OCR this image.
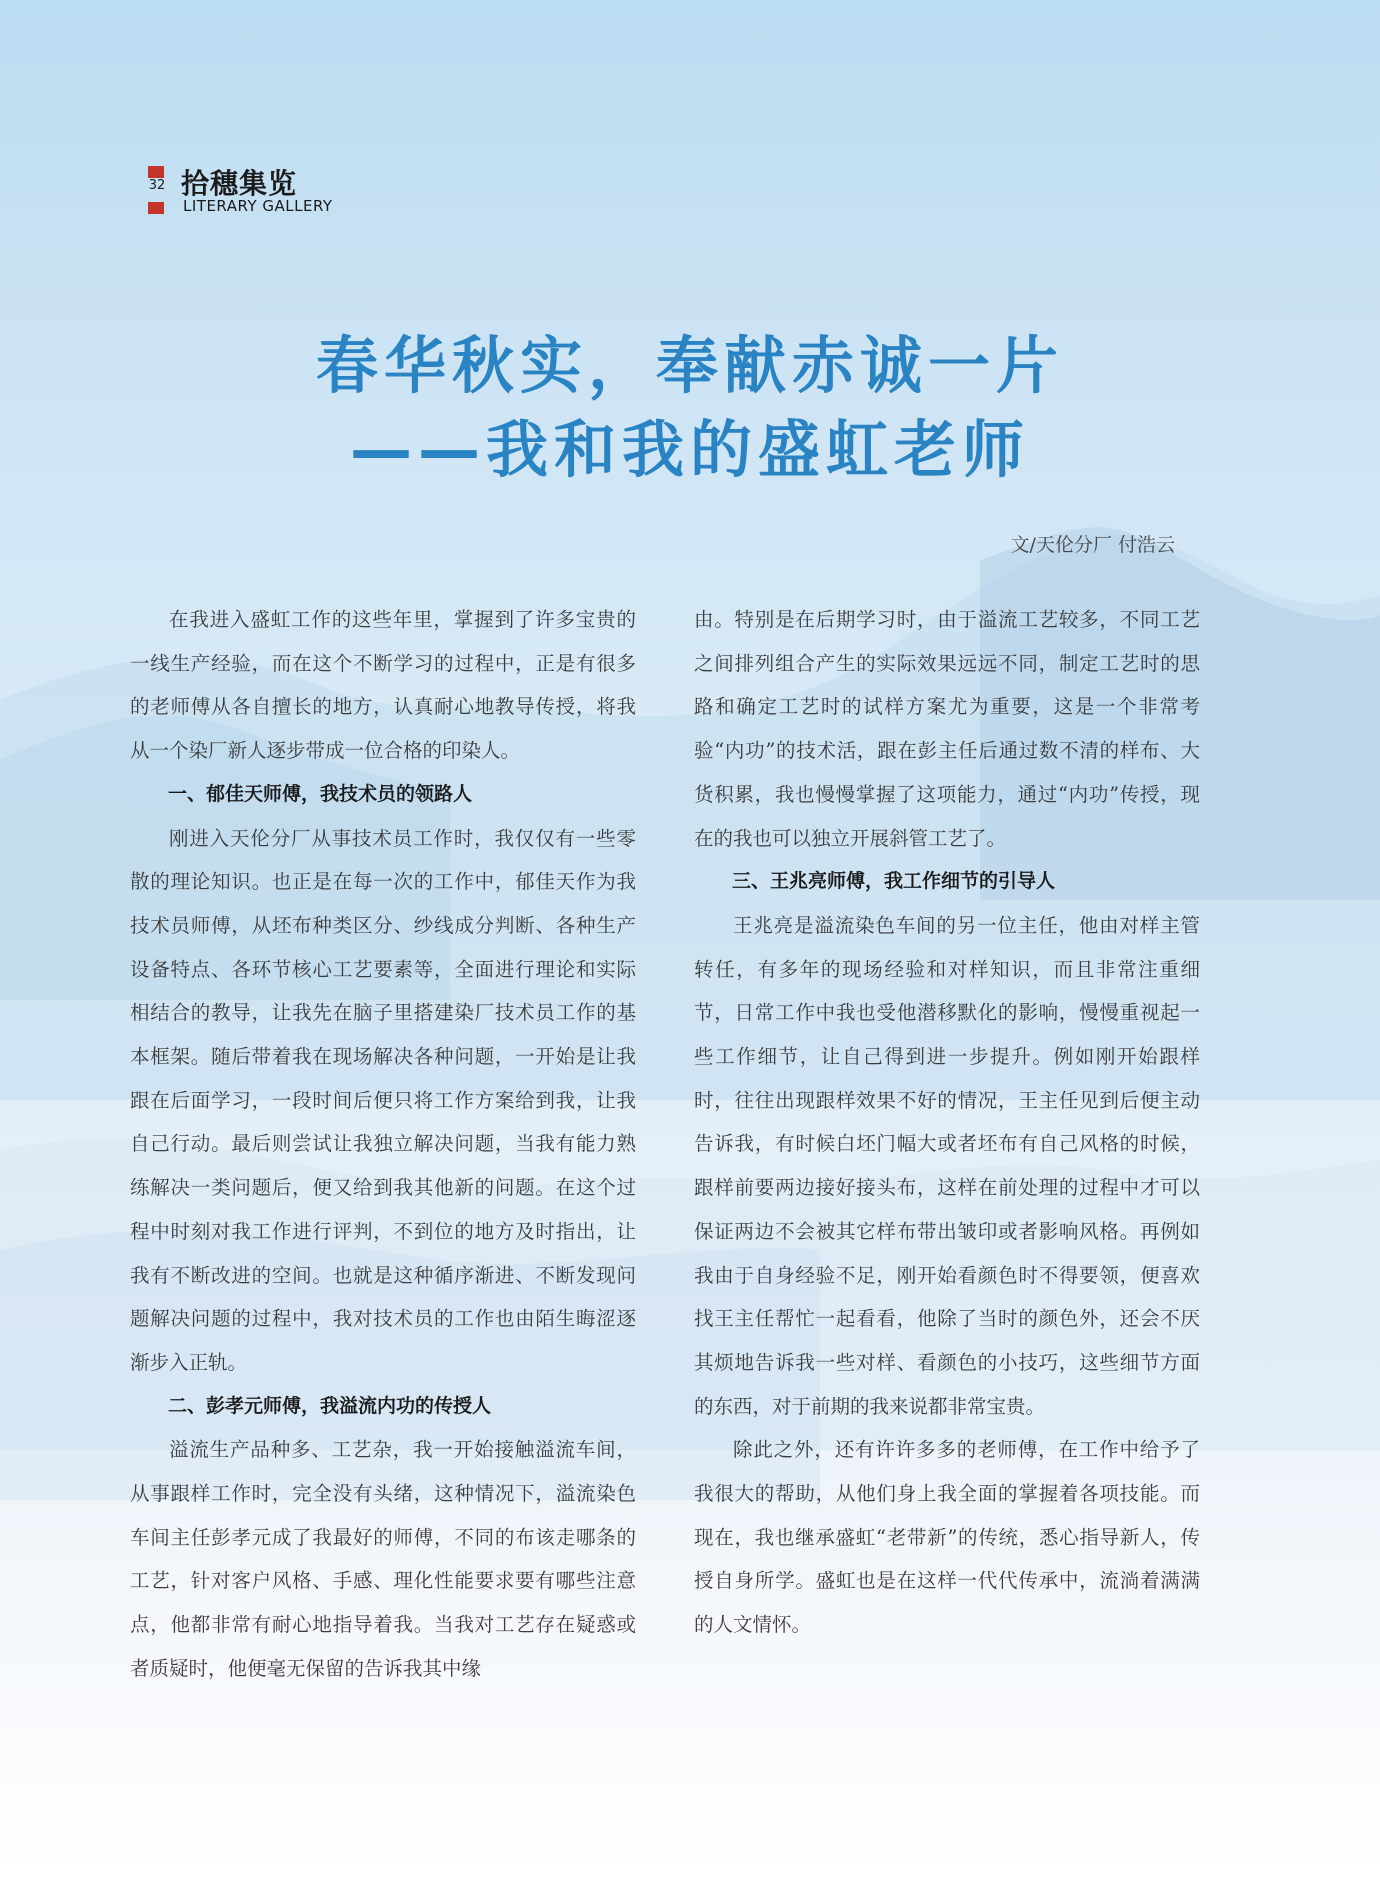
32 拾穗集览
LITERARY GALLERY
春华秋实，奉献赤诚一片
——我和我的盛虹老师
文/天伦分厂 付浩云

在我进入盛虹工作的这些年里，掌握到了许多宝贵的一线生产经验，而在这个不断学习的过程中，正是有很多的老师傅从各自擅长的地方，认真耐心地教导传授，将我从一个染厂新人逐步带成一位合格的印染人。

一、郁佳天师傅，我技术员的领路人

刚进入天伦分厂从事技术员工作时，我仅仅有一些零散的理论知识。也正是在每一次的工作中，郁佳天作为我技术员师傅，从坯布种类区分、纱线成分判断、各种生产设备特点、各环节核心工艺要素等，全面进行理论和实际相结合的教导，让我先在脑子里搭建染厂技术员工作的基本框架。随后带着我在现场解决各种问题，一开始是让我跟在后面学习，一段时间后便只将工作方案给到我，让我自己行动。最后则尝试让我独立解决问题，当我有能力熟练解决一类问题后，便又给到我其他新的问题。在这个过程中时刻对我工作进行评判，不到位的地方及时指出，让我有不断改进的空间。也就是这种循序渐进、不断发现问题解决问题的过程中，我对技术员的工作也由陌生晦涩逐渐步入正轨。

二、彭孝元师傅，我溢流内功的传授人

溢流生产品种多、工艺杂，我一开始接触溢流车间，从事跟样工作时，完全没有头绪，这种情况下，溢流染色车间主任彭孝元成了我最好的师傅，不同的布该走哪条的工艺，针对客户风格、手感、理化性能要求要有哪些注意点，他都非常有耐心地指导着我。当我对工艺存在疑惑或者质疑时，他便毫无保留的告诉我其中缘

由。特别是在后期学习时，由于溢流工艺较多，不同工艺之间排列组合产生的实际效果远远不同，制定工艺时的思路和确定工艺时的试样方案尤为重要，这是一个非常考验“内功”的技术活，跟在彭主任后通过数不清的样布、大货积累，我也慢慢掌握了这项能力，通过“内功”传授，现在的我也可以独立开展斜管工艺了。

三、王兆亮师傅，我工作细节的引导人

王兆亮是溢流染色车间的另一位主任，他由对样主管转任，有多年的现场经验和对样知识，而且非常注重细节，日常工作中我也受他潜移默化的影响，慢慢重视起一些工作细节，让自己得到进一步提升。例如刚开始跟样时，往往出现跟样效果不好的情况，王主任见到后便主动告诉我，有时候白坯门幅大或者坯布有自己风格的时候，跟样前要两边接好接头布，这样在前处理的过程中才可以保证两边不会被其它样布带出皱印或者影响风格。再例如我由于自身经验不足，刚开始看颜色时不得要领，便喜欢找王主任帮忙一起看看，他除了当时的颜色外，还会不厌其烦地告诉我一些对样、看颜色的小技巧，这些细节方面的东西，对于前期的我来说都非常宝贵。

除此之外，还有许许多多的老师傅，在工作中给予了我很大的帮助，从他们身上我全面的掌握着各项技能。而现在，我也继承盛虹“老带新”的传统，悉心指导新人，传授自身所学。盛虹也是在这样一代代传承中，流淌着满满的人文情怀。
